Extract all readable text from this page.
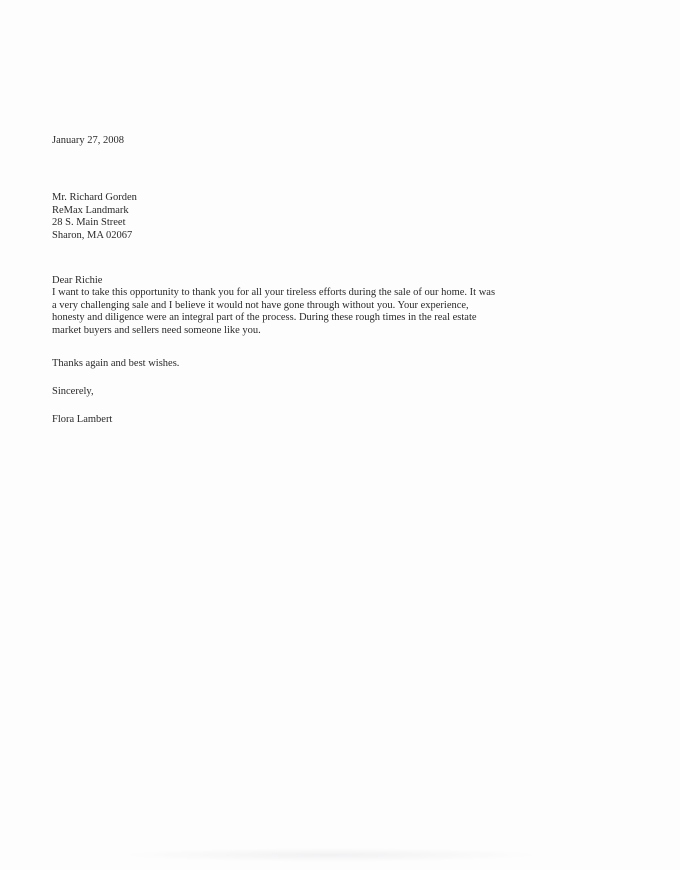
January 27, 2008
Mr. Richard Gorden
ReMax Landmark
28 S. Main Street
Sharon, MA 02067
Dear Richie
I want to take this opportunity to thank you for all your tireless efforts during the sale of our home. It was
a very challenging sale and I believe it would not have gone through without you. Your experience,
honesty and diligence were an integral part of the process. During these rough times in the real estate
market buyers and sellers need someone like you.
Thanks again and best wishes.
Sincerely,
Flora Lambert
